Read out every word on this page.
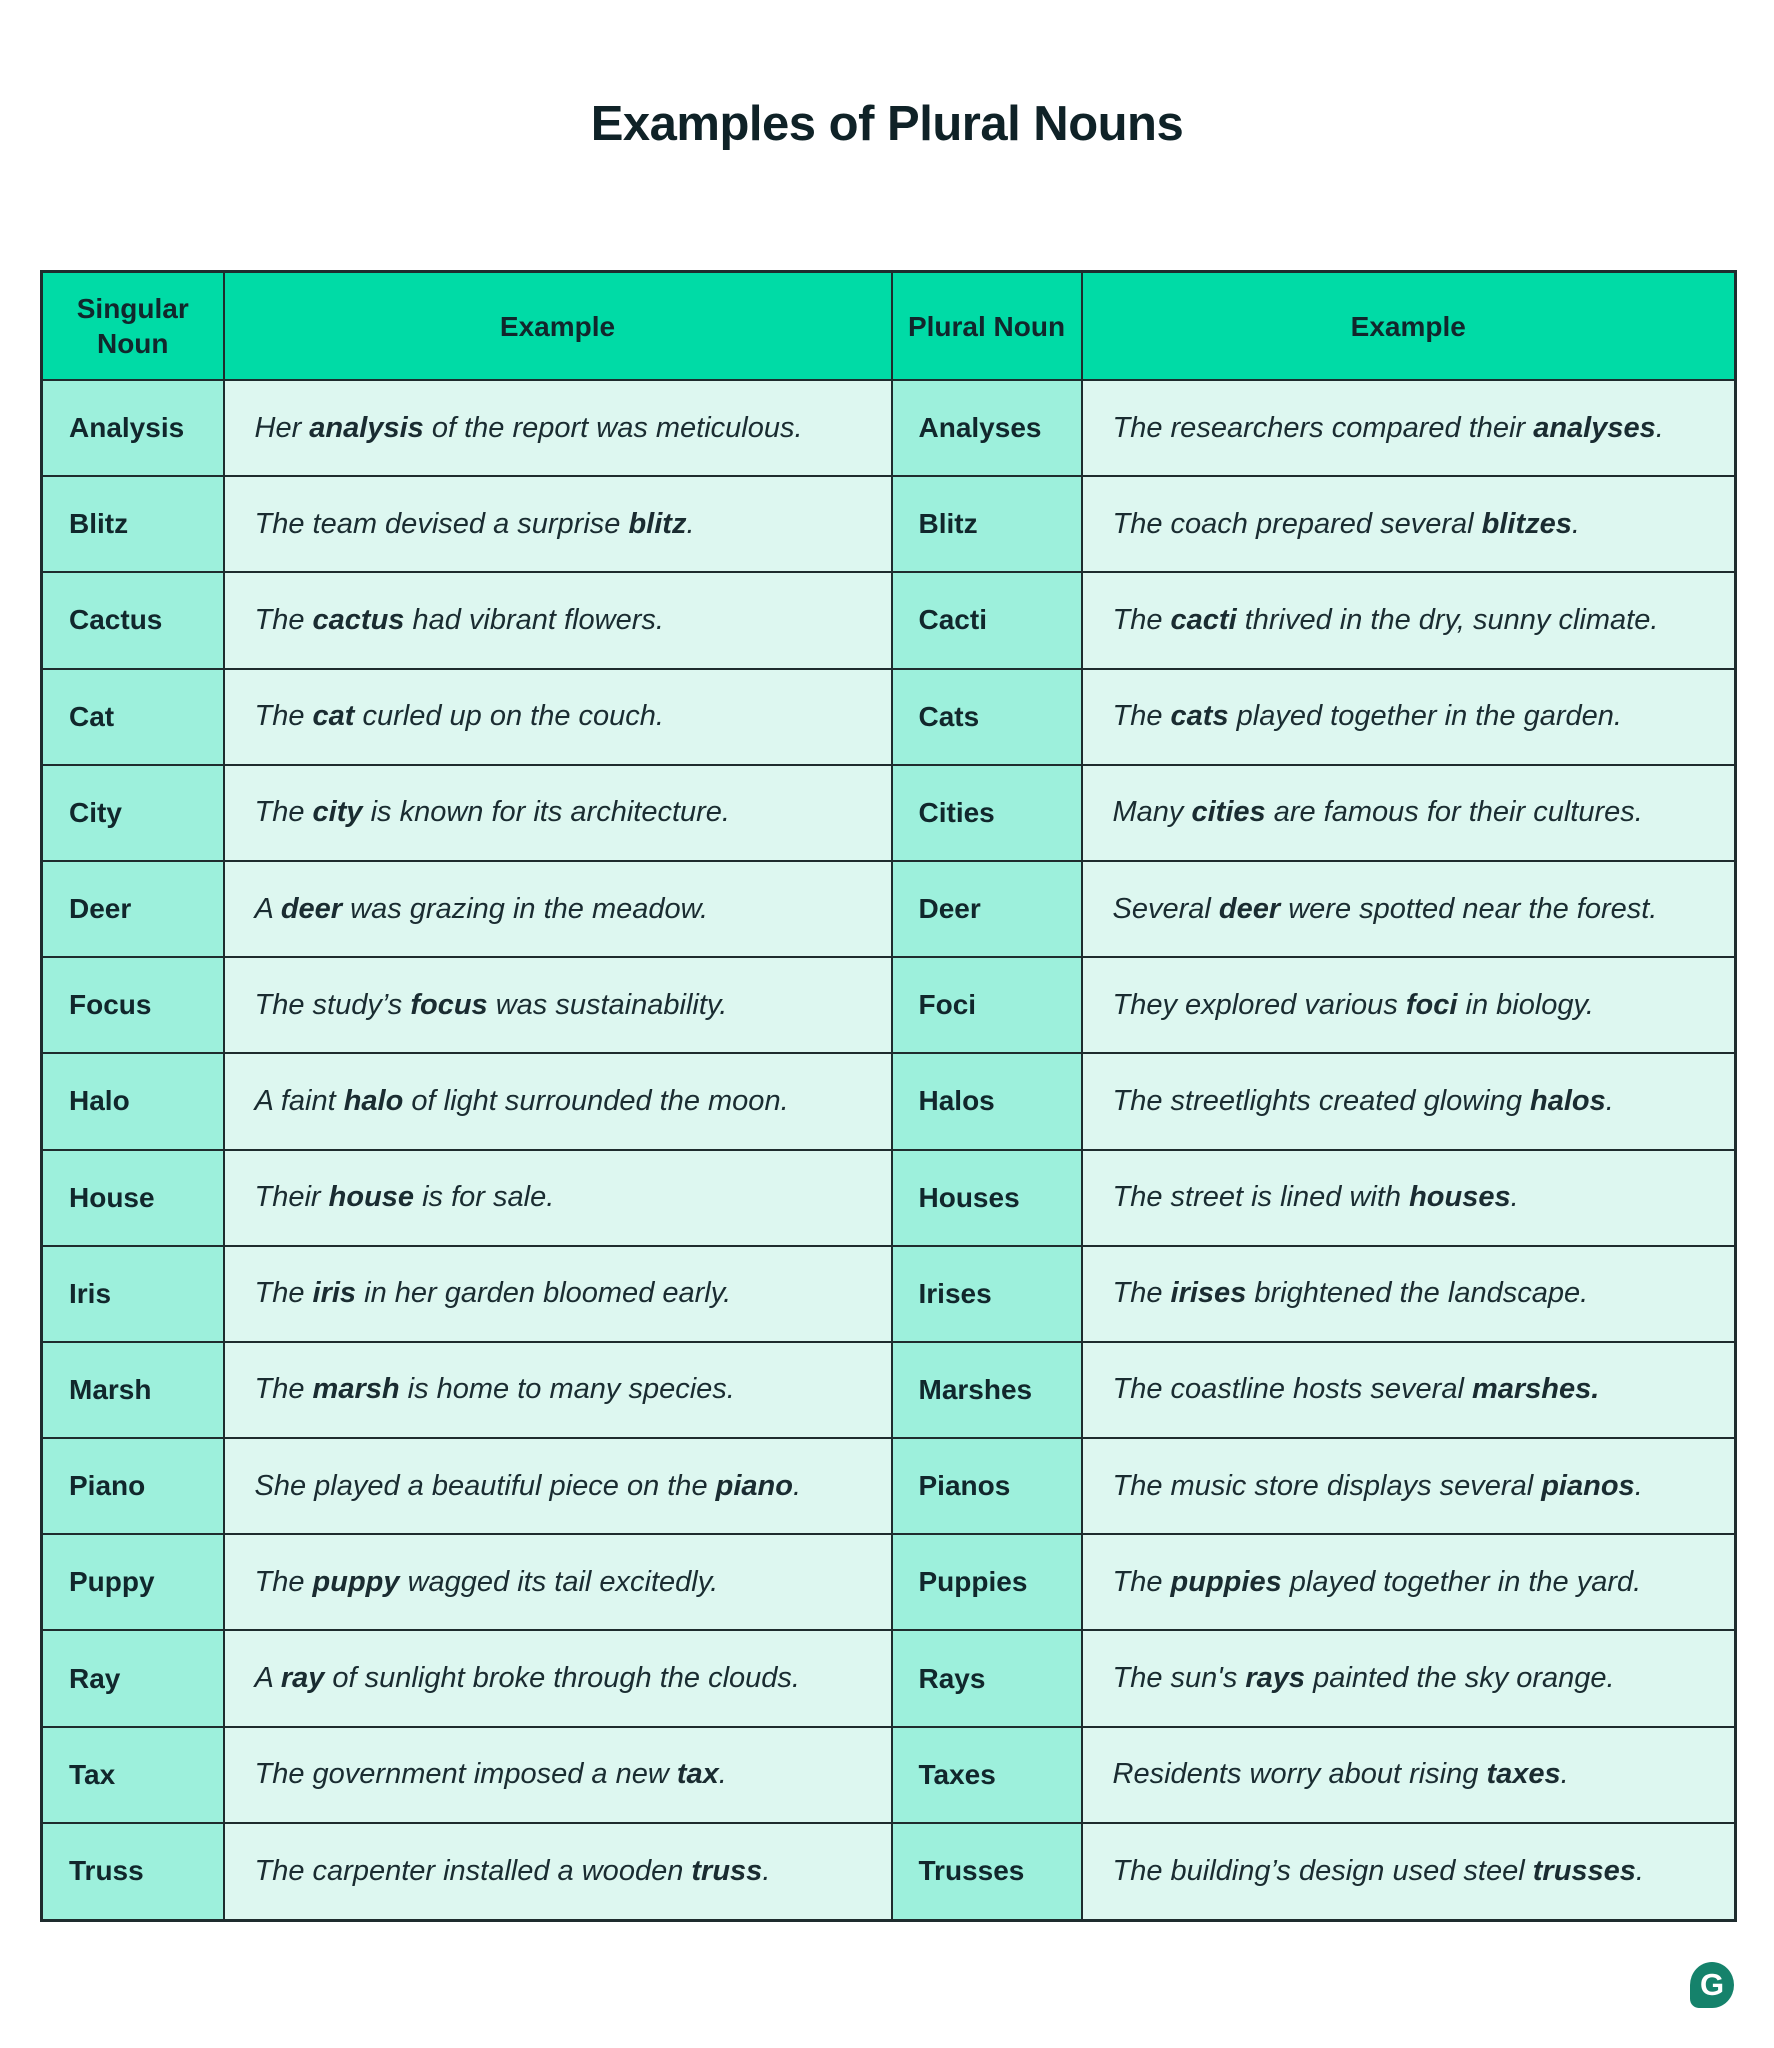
Examples of Plural Nouns
Singular Noun	Example	Plural Noun	Example
Analysis	Her analysis of the report was meticulous.	Analyses	The researchers compared their analyses.
Blitz	The team devised a surprise blitz.	Blitz	The coach prepared several blitzes.
Cactus	The cactus had vibrant flowers.	Cacti	The cacti thrived in the dry, sunny climate.
Cat	The cat curled up on the couch.	Cats	The cats played together in the garden.
City	The city is known for its architecture.	Cities	Many cities are famous for their cultures.
Deer	A deer was grazing in the meadow.	Deer	Several deer were spotted near the forest.
Focus	The study’s focus was sustainability.	Foci	They explored various foci in biology.
Halo	A faint halo of light surrounded the moon.	Halos	The streetlights created glowing halos.
House	Their house is for sale.	Houses	The street is lined with houses.
Iris	The iris in her garden bloomed early.	Irises	The irises brightened the landscape.
Marsh	The marsh is home to many species.	Marshes	The coastline hosts several marshes.
Piano	She played a beautiful piece on the piano.	Pianos	The music store displays several pianos.
Puppy	The puppy wagged its tail excitedly.	Puppies	The puppies played together in the yard.
Ray	A ray of sunlight broke through the clouds.	Rays	The sun's rays painted the sky orange.
Tax	The government imposed a new tax.	Taxes	Residents worry about rising taxes.
Truss	The carpenter installed a wooden truss.	Trusses	The building’s design used steel trusses.
G
